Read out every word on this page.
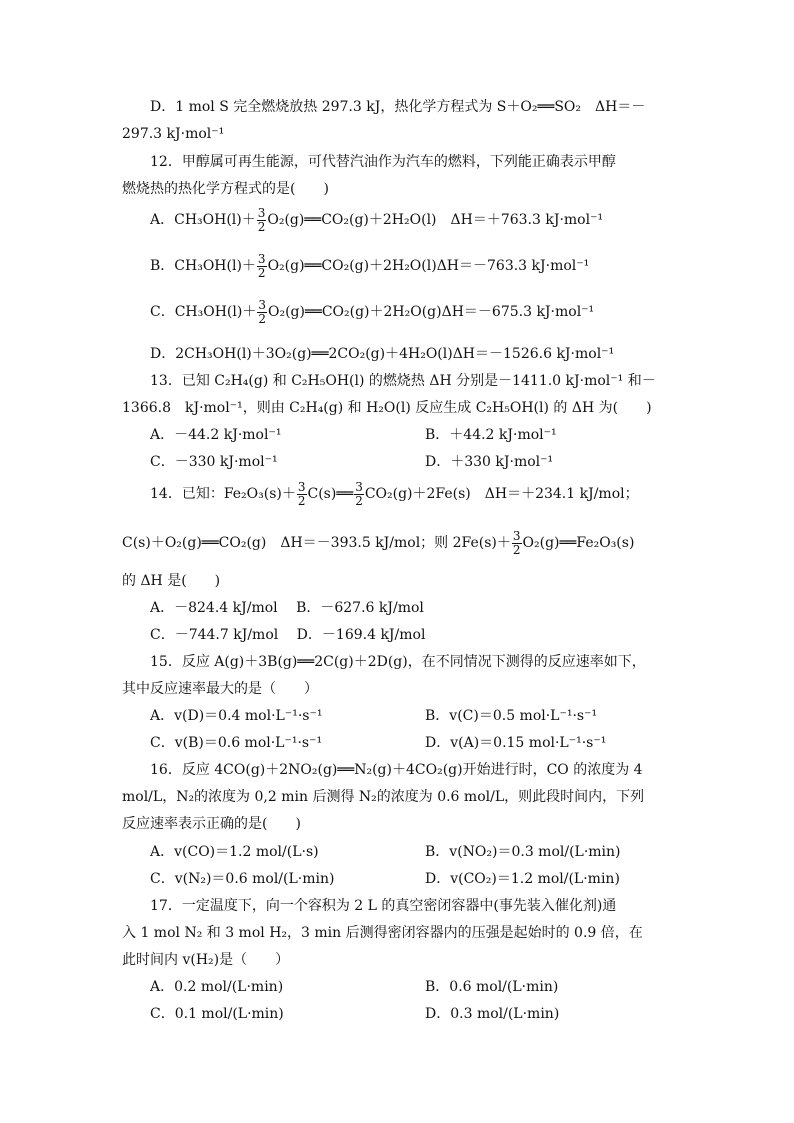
D．1 mol S 完全燃烧放热 297.3 kJ，热化学方程式为 S＋O₂══SO₂　ΔH＝－
297.3 kJ·mol⁻¹
12．甲醇属可再生能源，可代替汽油作为汽车的燃料，下列能正确表示甲醇
燃烧热的热化学方程式的是(　　)
A．$CH_3OH(l)+ \frac{3}{2}$ O₂(g)══CO₂(g)＋2H₂O(l)　ΔH＝＋763.3 kJ·mol⁻¹
B．$CH_3OH(l)+ \frac{3}{2}$ O₂(g)══CO₂(g)＋2H₂O(l)ΔH＝－763.3 kJ·mol⁻¹
C．$CH_3OH(l)+ \frac{3}{2}$ O₂(g)══CO₂(g)＋2H₂O(g)ΔH＝－675.3 kJ·mol⁻¹
D．2CH₃OH(l)＋3O₂(g)══2CO₂(g)＋4H₂O(l)ΔH＝－1526.6 kJ·mol⁻¹
13．已知 C₂H₄(g) 和 C₂H₅OH(l) 的燃烧热 ΔH 分别是－1411.0 kJ·mol⁻¹ 和－
1366.8　kJ·mol⁻¹，则由 C₂H₄(g) 和 H₂O(l) 反应生成 C₂H₅OH(l) 的 ΔH 为(　　)
A．－44.2 kJ·mol⁻¹	B．＋44.2 kJ·mol⁻¹
C．－330 kJ·mol⁻¹	D．＋330 kJ·mol⁻¹
14．已知：$Fe_2O_3(s)+ \frac{3}{2}$ C(s)══ $\frac{3}{2} CO_2(g)+2Fe(s)$　ΔH＝＋234.1 kJ/mol；
C(s)＋O₂(g)══CO₂(g)　ΔH＝－393.5 kJ/mol；则 $2Fe(s)+ \frac{3}{2}$ O₂(g)══Fe₂O₃(s)
的 ΔH 是(　　)
A．－824.4 kJ/mol　 B．－627.6 kJ/mol
C．－744.7 kJ/mol　 D．－169.4 kJ/mol
15．反应 A(g)＋3B(g)══2C(g)＋2D(g)，在不同情况下测得的反应速率如下，
其中反应速率最大的是（　　）
A．v(D)＝0.4 mol·L⁻¹·s⁻¹	B．v(C)＝0.5 mol·L⁻¹·s⁻¹
C．v(B)＝0.6 mol·L⁻¹·s⁻¹	D．v(A)＝0.15 mol·L⁻¹·s⁻¹
16．反应 4CO(g)＋2NO₂(g)══N₂(g)＋4CO₂(g)开始进行时，CO 的浓度为 4
mol/L，N₂的浓度为 0,2 min 后测得 N₂的浓度为 0.6 mol/L，则此段时间内，下列
反应速率表示正确的是(　　)
A．v(CO)＝1.2 mol/(L·s)	B．v(NO₂)＝0.3 mol/(L·min)
C．v(N₂)＝0.6 mol/(L·min)	D．v(CO₂)＝1.2 mol/(L·min)
17．一定温度下，向一个容积为 2 L 的真空密闭容器中(事先装入催化剂)通
入 1 mol N₂ 和 3 mol H₂，3 min 后测得密闭容器内的压强是起始时的 0.9 倍，在
此时间内 v(H₂)是（　　）
A．0.2 mol/(L·min)	B．0.6 mol/(L·min)
C．0.1 mol/(L·min)	D．0.3 mol/(L·min)
